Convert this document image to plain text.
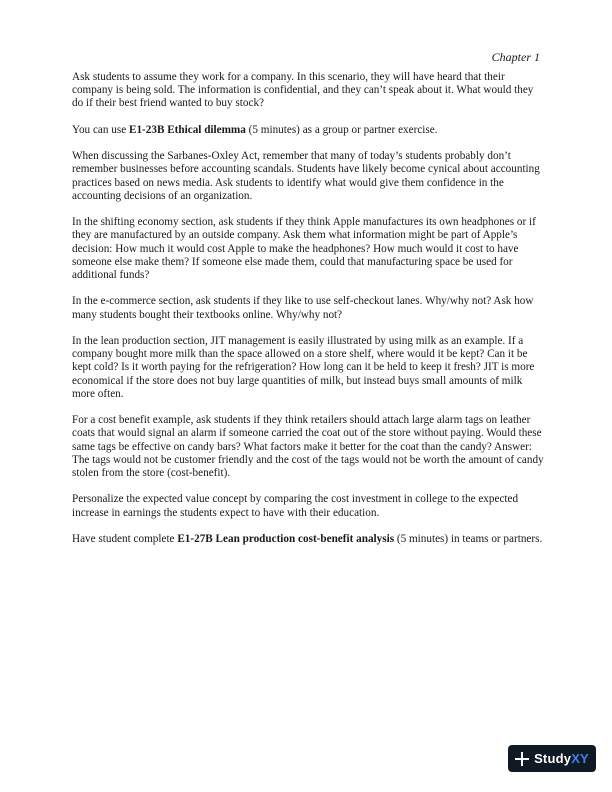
Chapter 1

Ask students to assume they work for a company. In this scenario, they will have heard that their company is being sold. The information is confidential, and they can’t speak about it. What would they do if their best friend wanted to buy stock?

You can use E1-23B Ethical dilemma (5 minutes) as a group or partner exercise.

When discussing the Sarbanes-Oxley Act, remember that many of today’s students probably don’t remember businesses before accounting scandals. Students have likely become cynical about accounting practices based on news media. Ask students to identify what would give them confidence in the accounting decisions of an organization.

In the shifting economy section, ask students if they think Apple manufactures its own headphones or if they are manufactured by an outside company. Ask them what information might be part of Apple’s decision: How much it would cost Apple to make the headphones? How much would it cost to have someone else make them? If someone else made them, could that manufacturing space be used for additional funds?

In the e-commerce section, ask students if they like to use self-checkout lanes. Why/why not? Ask how many students bought their textbooks online. Why/why not?

In the lean production section, JIT management is easily illustrated by using milk as an example. If a company bought more milk than the space allowed on a store shelf, where would it be kept? Can it be kept cold? Is it worth paying for the refrigeration? How long can it be held to keep it fresh? JIT is more economical if the store does not buy large quantities of milk, but instead buys small amounts of milk more often.

For a cost benefit example, ask students if they think retailers should attach large alarm tags on leather coats that would signal an alarm if someone carried the coat out of the store without paying. Would these same tags be effective on candy bars? What factors make it better for the coat than the candy? Answer: The tags would not be customer friendly and the cost of the tags would not be worth the amount of candy stolen from the store (cost-benefit).

Personalize the expected value concept by comparing the cost investment in college to the expected increase in earnings the students expect to have with their education.

Have student complete E1-27B Lean production cost-benefit analysis (5 minutes) in teams or partners.

StudyXY
